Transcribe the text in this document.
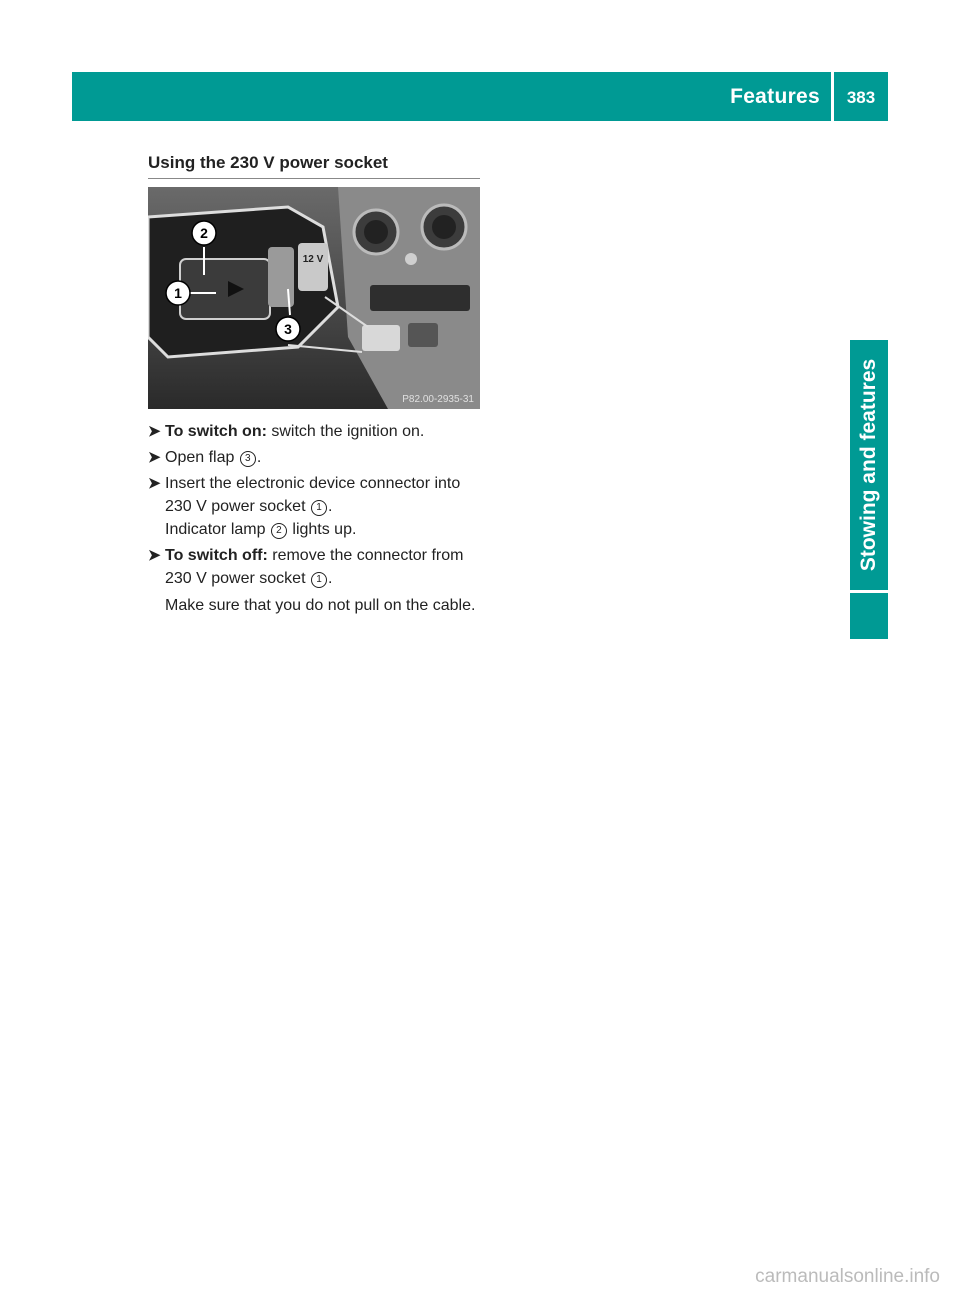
Features	383
Stowing and features
Using the 230 V power socket
2
1
3
12 V
P82.00-2935-31
➤ To switch on: switch the ignition on.
➤ Open flap 3 .
➤ Insert the electronic device connector into
230 V power socket 1 .
Indicator lamp 2 lights up.
➤ To switch off: remove the connector from
230 V power socket 1 .
Make sure that you do not pull on the cable.
carmanualsonline.info
